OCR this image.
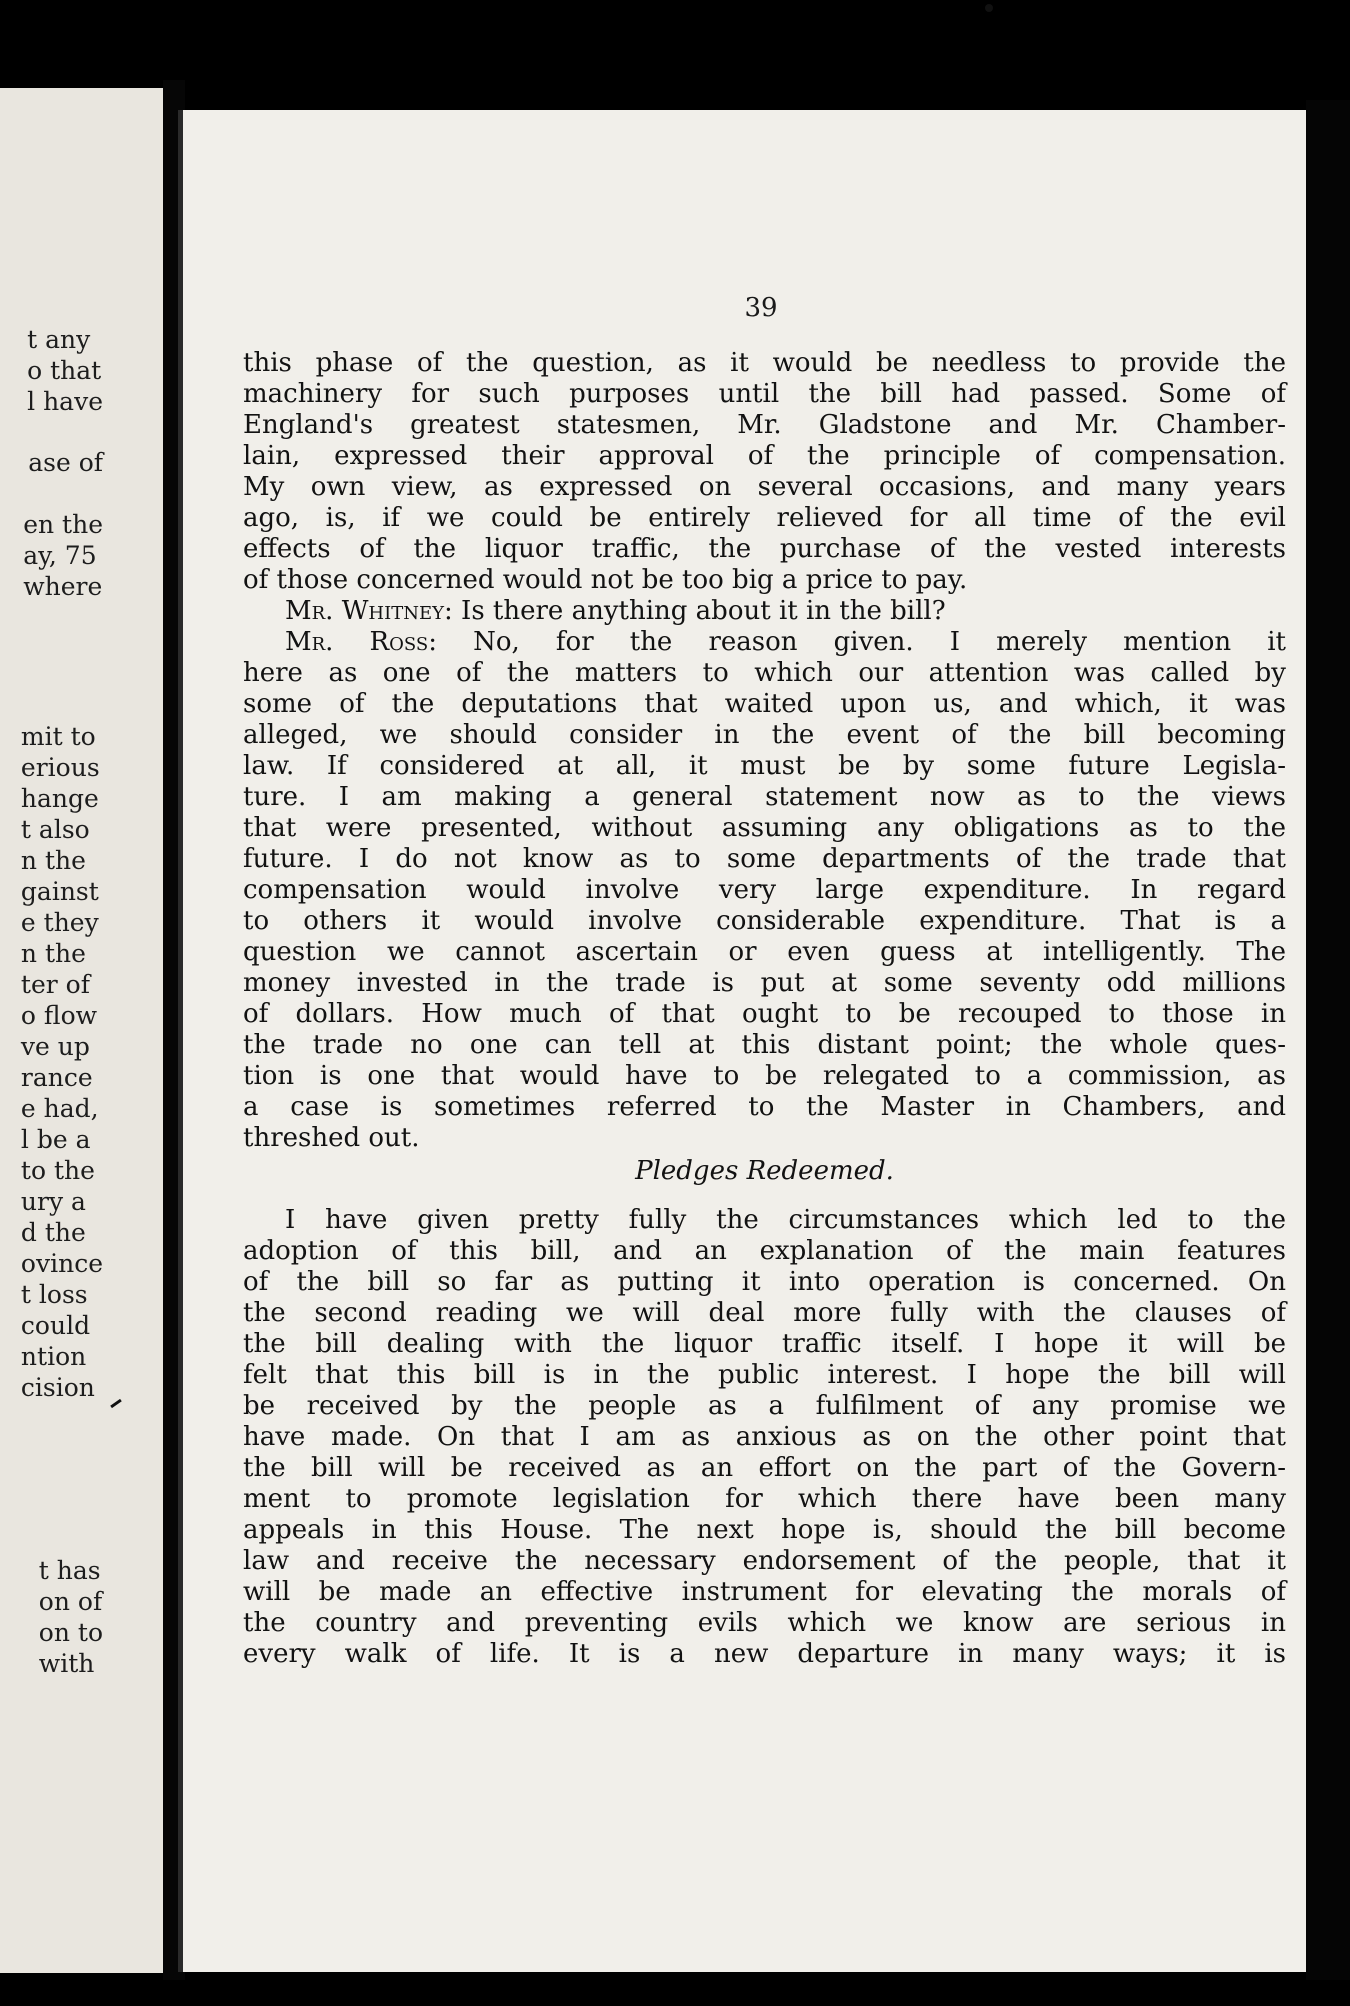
t any
o that
l have
ase of
en the
ay, 75
where
mit to
erious
hange
t also
n the
gainst
e they
n the
ter of
o flow
ve up
rance
e had,
l be a
to the
ury a
d the
ovince
t loss
could
ntion
cision
t has
on of
on to
with
39

this phase of the question, as it would be needless to provide the

machinery for such purposes until the bill had passed. Some of

England's greatest statesmen, Mr. Gladstone and Mr. Chamber-

lain, expressed their approval of the principle of compensation.

My own view, as expressed on several occasions, and many years

ago, is, if we could be entirely relieved for all time of the evil

effects of the liquor traffic, the purchase of the vested interests

of those concerned would not be too big a price to pay.

Mr. Whitney: Is there anything about it in the bill?

Mr. Ross: No, for the reason given. I merely mention it

here as one of the matters to which our attention was called by

some of the deputations that waited upon us, and which, it was

alleged, we should consider in the event of the bill becoming

law. If considered at all, it must be by some future Legisla-

ture. I am making a general statement now as to the views

that were presented, without assuming any obligations as to the

future. I do not know as to some departments of the trade that

compensation would involve very large expenditure. In regard

to others it would involve considerable expenditure. That is a

question we cannot ascertain or even guess at intelligently. The

money invested in the trade is put at some seventy odd millions

of dollars. How much of that ought to be recouped to those in

the trade no one can tell at this distant point; the whole ques-

tion is one that would have to be relegated to a commission, as

a case is sometimes referred to the Master in Chambers, and

threshed out.

Pledges Redeemed.

I have given pretty fully the circumstances which led to the

adoption of this bill, and an explanation of the main features

of the bill so far as putting it into operation is concerned. On

the second reading we will deal more fully with the clauses of

the bill dealing with the liquor traffic itself. I hope it will be

felt that this bill is in the public interest. I hope the bill will

be received by the people as a fulfilment of any promise we

have made. On that I am as anxious as on the other point that

the bill will be received as an effort on the part of the Govern-

ment to promote legislation for which there have been many

appeals in this House. The next hope is, should the bill become

law and receive the necessary endorsement of the people, that it

will be made an effective instrument for elevating the morals of

the country and preventing evils which we know are serious in

every walk of life. It is a new departure in many ways; it is
